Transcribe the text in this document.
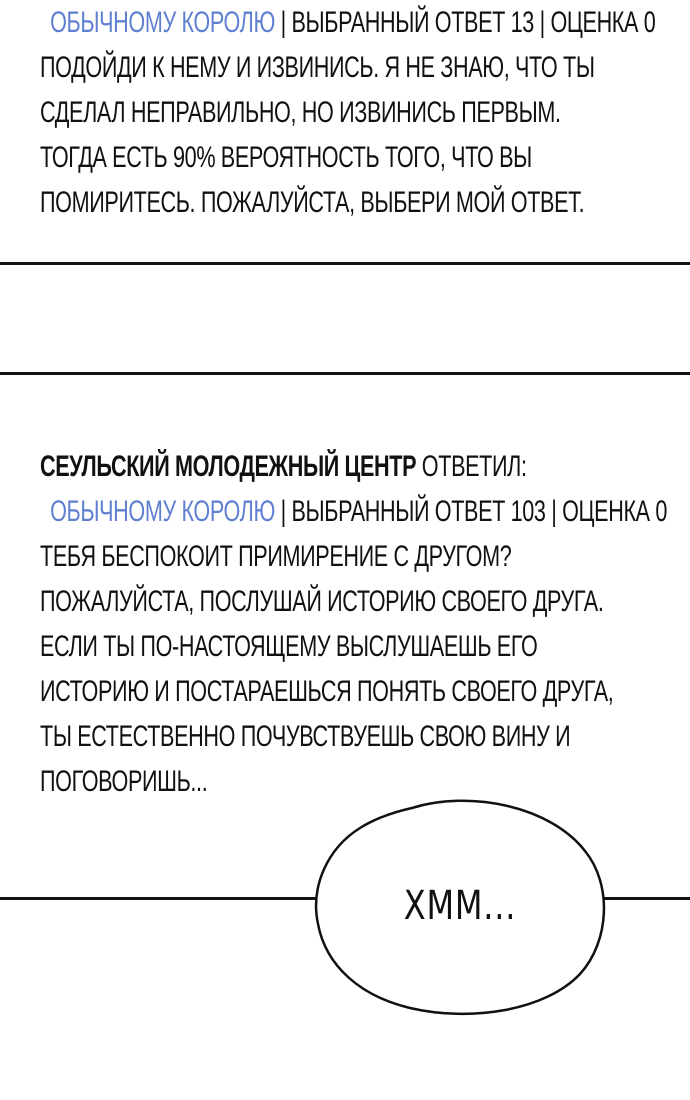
ОБЫЧНОМУ КОРОЛЮ | ВЫБРАННЫЙ ОТВЕТ 13 | ОЦЕНКА 0
ПОДОЙДИ К НЕМУ И ИЗВИНИСЬ. Я НЕ ЗНАЮ, ЧТО ТЫ
СДЕЛАЛ НЕПРАВИЛЬНО, НО ИЗВИНИСЬ ПЕРВЫМ.
ТОГДА ЕСТЬ 90% ВЕРОЯТНОСТЬ ТОГО, ЧТО ВЫ
ПОМИРИТЕСЬ. ПОЖАЛУЙСТА, ВЫБЕРИ МОЙ ОТВЕТ.
СЕУЛЬСКИЙ МОЛОДЕЖНЫЙ ЦЕНТР ОТВЕТИЛ:
ОБЫЧНОМУ КОРОЛЮ | ВЫБРАННЫЙ ОТВЕТ 103 | ОЦЕНКА 0
ТЕБЯ БЕСПОКОИТ ПРИМИРЕНИЕ С ДРУГОМ?
ПОЖАЛУЙСТА, ПОСЛУШАЙ ИСТОРИЮ СВОЕГО ДРУГА.
ЕСЛИ ТЫ ПО-НАСТОЯЩЕМУ ВЫСЛУШАЕШЬ ЕГО
ИСТОРИЮ И ПОСТАРАЕШЬСЯ ПОНЯТЬ СВОЕГО ДРУГА,
ТЫ ЕСТЕСТВЕННО ПОЧУВСТВУЕШЬ СВОЮ ВИНУ И
ПОГОВОРИШЬ...
ХММ...
